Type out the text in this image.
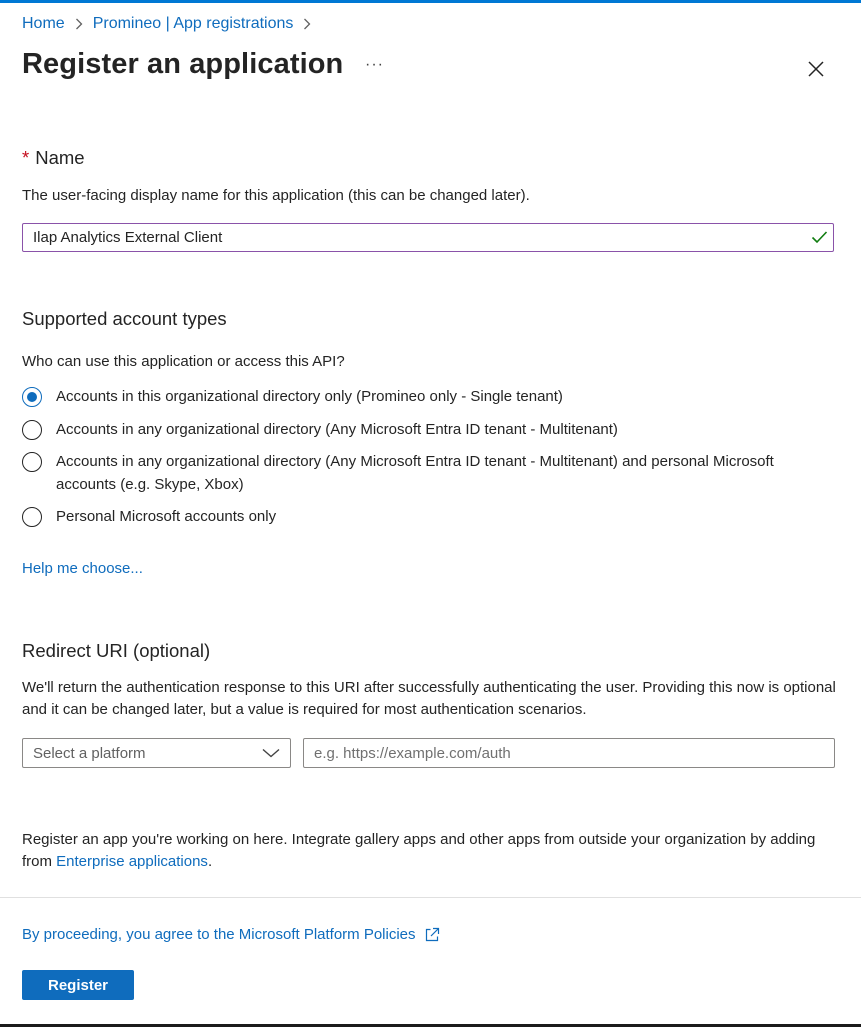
Home Promineo | App registrations
Register an application ···
* Name
The user-facing display name for this application (this can be changed later).
Ilap Analytics External Client
Supported account types
Who can use this application or access this API?
Accounts in this organizational directory only (Promineo only - Single tenant)
Accounts in any organizational directory (Any Microsoft Entra ID tenant - Multitenant)
Accounts in any organizational directory (Any Microsoft Entra ID tenant - Multitenant) and personal Microsoft accounts (e.g. Skype, Xbox)
Personal Microsoft accounts only
Help me choose...
Redirect URI (optional)
We'll return the authentication response to this URI after successfully authenticating the user. Providing this now is optional and it can be changed later, but a value is required for most authentication scenarios.
Select a platform
e.g. https://example.com/auth
Register an app you're working on here. Integrate gallery apps and other apps from outside your organization by adding from Enterprise applications.
By proceeding, you agree to the Microsoft Platform Policies
Register
